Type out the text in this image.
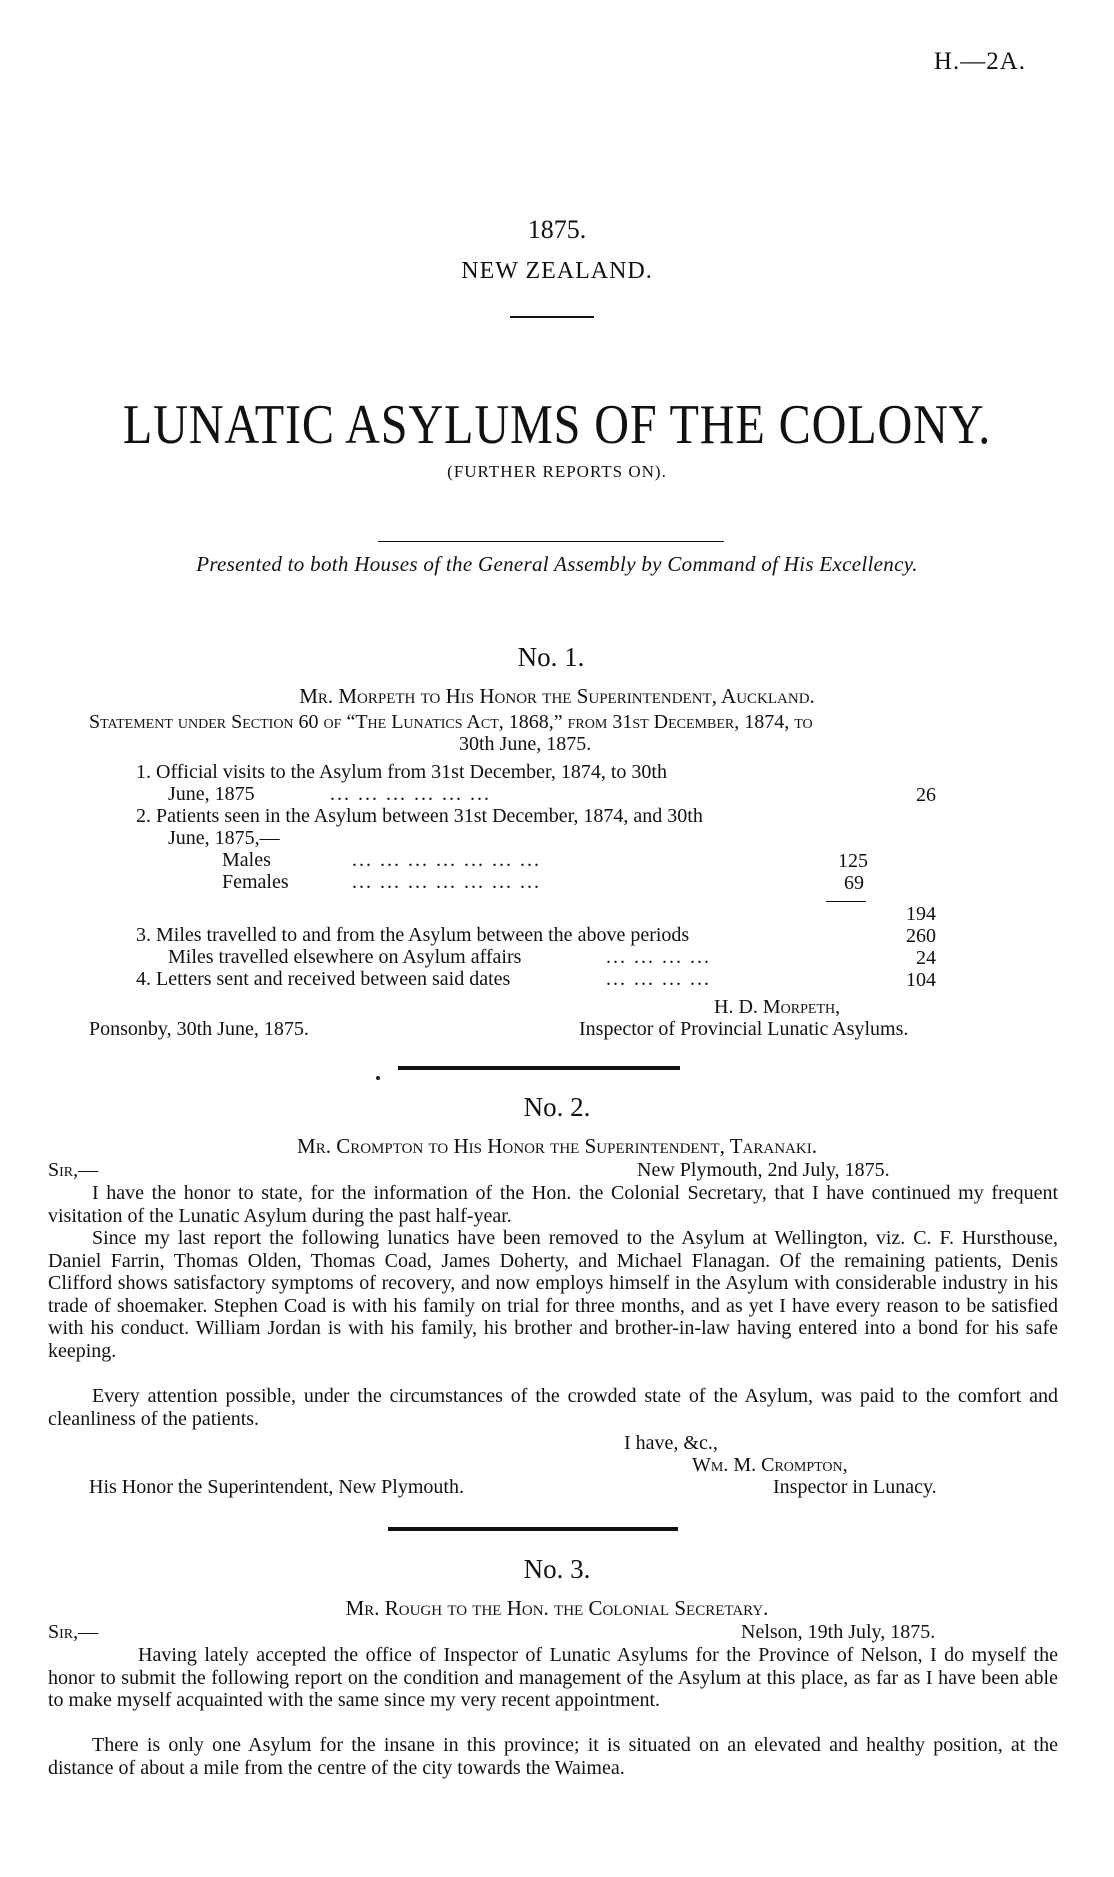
H.—2A.
1875.
NEW ZEALAND.
LUNATIC ASYLUMS OF THE COLONY.
(FURTHER REPORTS ON).
Presented to both Houses of the General Assembly by Command of His Excellency.
No. 1.
Mr. Morpeth to His Honor the Superintendent, Auckland.
Statement under Section 60 of “The Lunatics Act, 1868,” from 31st December, 1874, to
30th June, 1875.
1. Official visits to the Asylum from 31st December, 1874, to 30th
June, 1875	... ... ... ... ... ...	26
2. Patients seen in the Asylum between 31st December, 1874, and 30th
June, 1875,—
Males	... ... ... ... ... ... ...	125
Females	... ... ... ... ... ... ...	69
194
3. Miles travelled to and from the Asylum between the above periods	260
Miles travelled elsewhere on Asylum affairs	... ... ... ...	24
4. Letters sent and received between said dates	... ... ... ...	104
H. D. Morpeth,
Ponsonby, 30th June, 1875.	Inspector of Provincial Lunatic Asylums.
No. 2.
Mr. Crompton to His Honor the Superintendent, Taranaki.
Sir,—	New Plymouth, 2nd July, 1875.
I have the honor to state, for the information of the Hon. the Colonial Secretary, that I have continued my frequent visitation of the Lunatic Asylum during the past half-year.
Since my last report the following lunatics have been removed to the Asylum at Wellington, viz. C. F. Hursthouse, Daniel Farrin, Thomas Olden, Thomas Coad, James Doherty, and Michael Flanagan. Of the remaining patients, Denis Clifford shows satisfactory symptoms of recovery, and now employs himself in the Asylum with considerable industry in his trade of shoemaker. Stephen Coad is with his family on trial for three months, and as yet I have every reason to be satisfied with his conduct. William Jordan is with his family, his brother and brother-in-law having entered into a bond for his safe keeping.
Every attention possible, under the circumstances of the crowded state of the Asylum, was paid to the comfort and cleanliness of the patients.
I have, &c.,
Wm. M. Crompton,
His Honor the Superintendent, New Plymouth.	Inspector in Lunacy.
No. 3.
Mr. Rough to the Hon. the Colonial Secretary.
Sir,—	Nelson, 19th July, 1875.
Having lately accepted the office of Inspector of Lunatic Asylums for the Province of Nelson, I do myself the honor to submit the following report on the condition and management of the Asylum at this place, as far as I have been able to make myself acquainted with the same since my very recent appointment.
There is only one Asylum for the insane in this province; it is situated on an elevated and healthy position, at the distance of about a mile from the centre of the city towards the Waimea.
